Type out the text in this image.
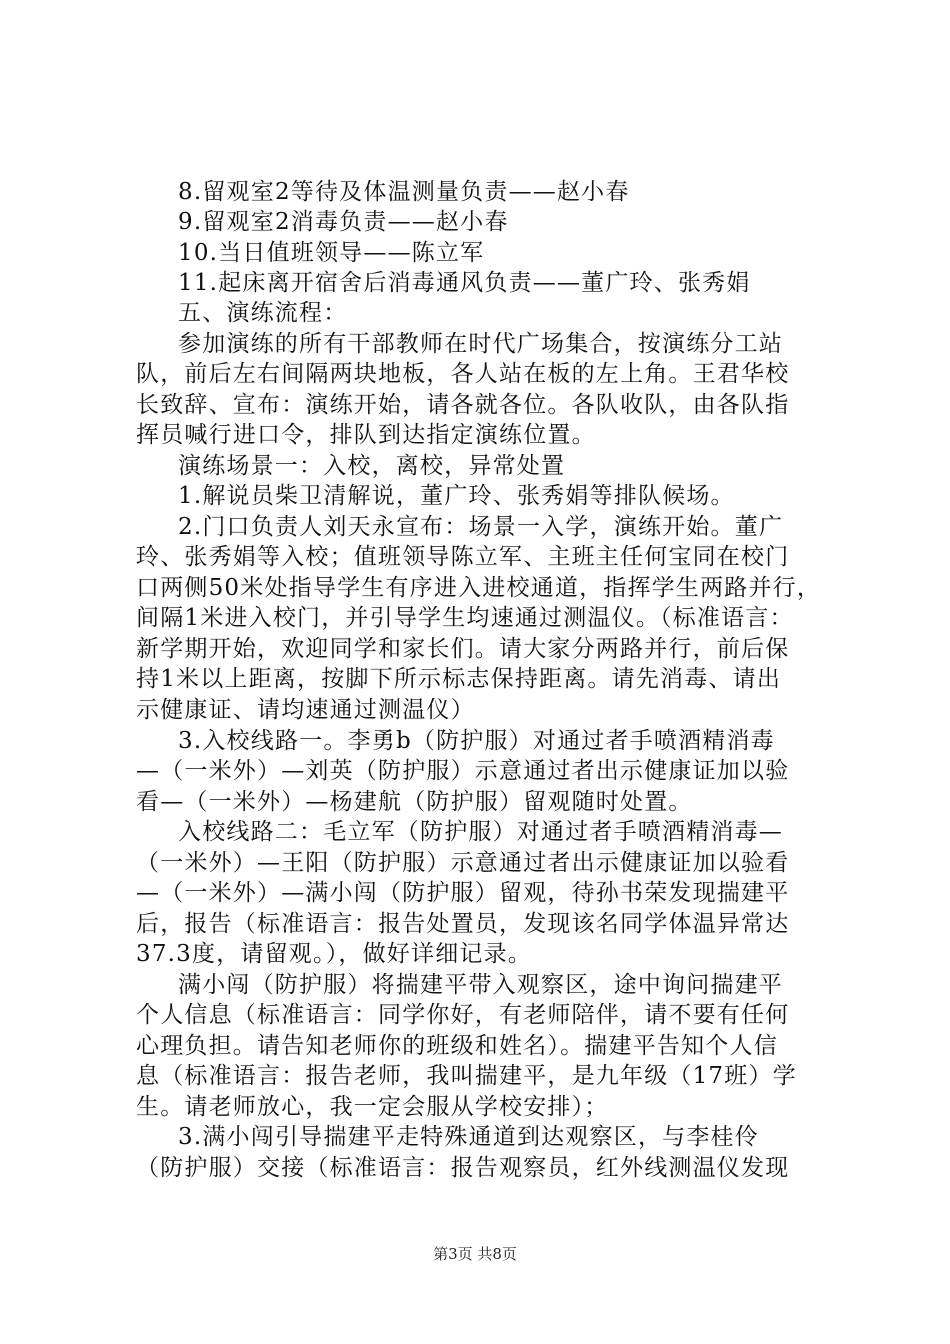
8.留观室2等待及体温测量负责——赵小春
9.留观室2消毒负责——赵小春
10.当日值班领导——陈立军
11.起床离开宿舍后消毒通风负责——董广玲、张秀娟
五、演练流程：
参加演练的所有干部教师在时代广场集合，按演练分工站
队，前后左右间隔两块地板，各人站在板的左上角。王君华校
长致辞、宣布：演练开始，请各就各位。各队收队，由各队指
挥员喊行进口令，排队到达指定演练位置。
演练场景一：入校，离校，异常处置
1.解说员柴卫清解说，董广玲、张秀娟等排队候场。
2.门口负责人刘天永宣布：场景一入学，演练开始。董广
玲、张秀娟等入校；值班领导陈立军、主班主任何宝同在校门
口两侧50米处指导学生有序进入进校通道，指挥学生两路并行，
间隔1米进入校门，并引导学生均速通过测温仪。（标准语言：
新学期开始，欢迎同学和家长们。请大家分两路并行，前后保
持1米以上距离，按脚下所示标志保持距离。请先消毒、请出
示健康证、请均速通过测温仪）
3.入校线路一。李勇b（防护服）对通过者手喷酒精消毒
—（一米外）—刘英（防护服）示意通过者出示健康证加以验
看—（一米外）—杨建航（防护服）留观随时处置。
入校线路二：毛立军（防护服）对通过者手喷酒精消毒—
（一米外）—王阳（防护服）示意通过者出示健康证加以验看
—（一米外）—满小闯（防护服）留观，待孙书荣发现揣建平
后，报告（标准语言：报告处置员，发现该名同学体温异常达
37.3度，请留观。），做好详细记录。
满小闯（防护服）将揣建平带入观察区，途中询问揣建平
个人信息（标准语言：同学你好，有老师陪伴，请不要有任何
心理负担。请告知老师你的班级和姓名）。揣建平告知个人信
息（标准语言：报告老师，我叫揣建平，是九年级（17班）学
生。请老师放心，我一定会服从学校安排）；
3.满小闯引导揣建平走特殊通道到达观察区，与李桂伶
（防护服）交接（标准语言：报告观察员，红外线测温仪发现
第3页 共8页
